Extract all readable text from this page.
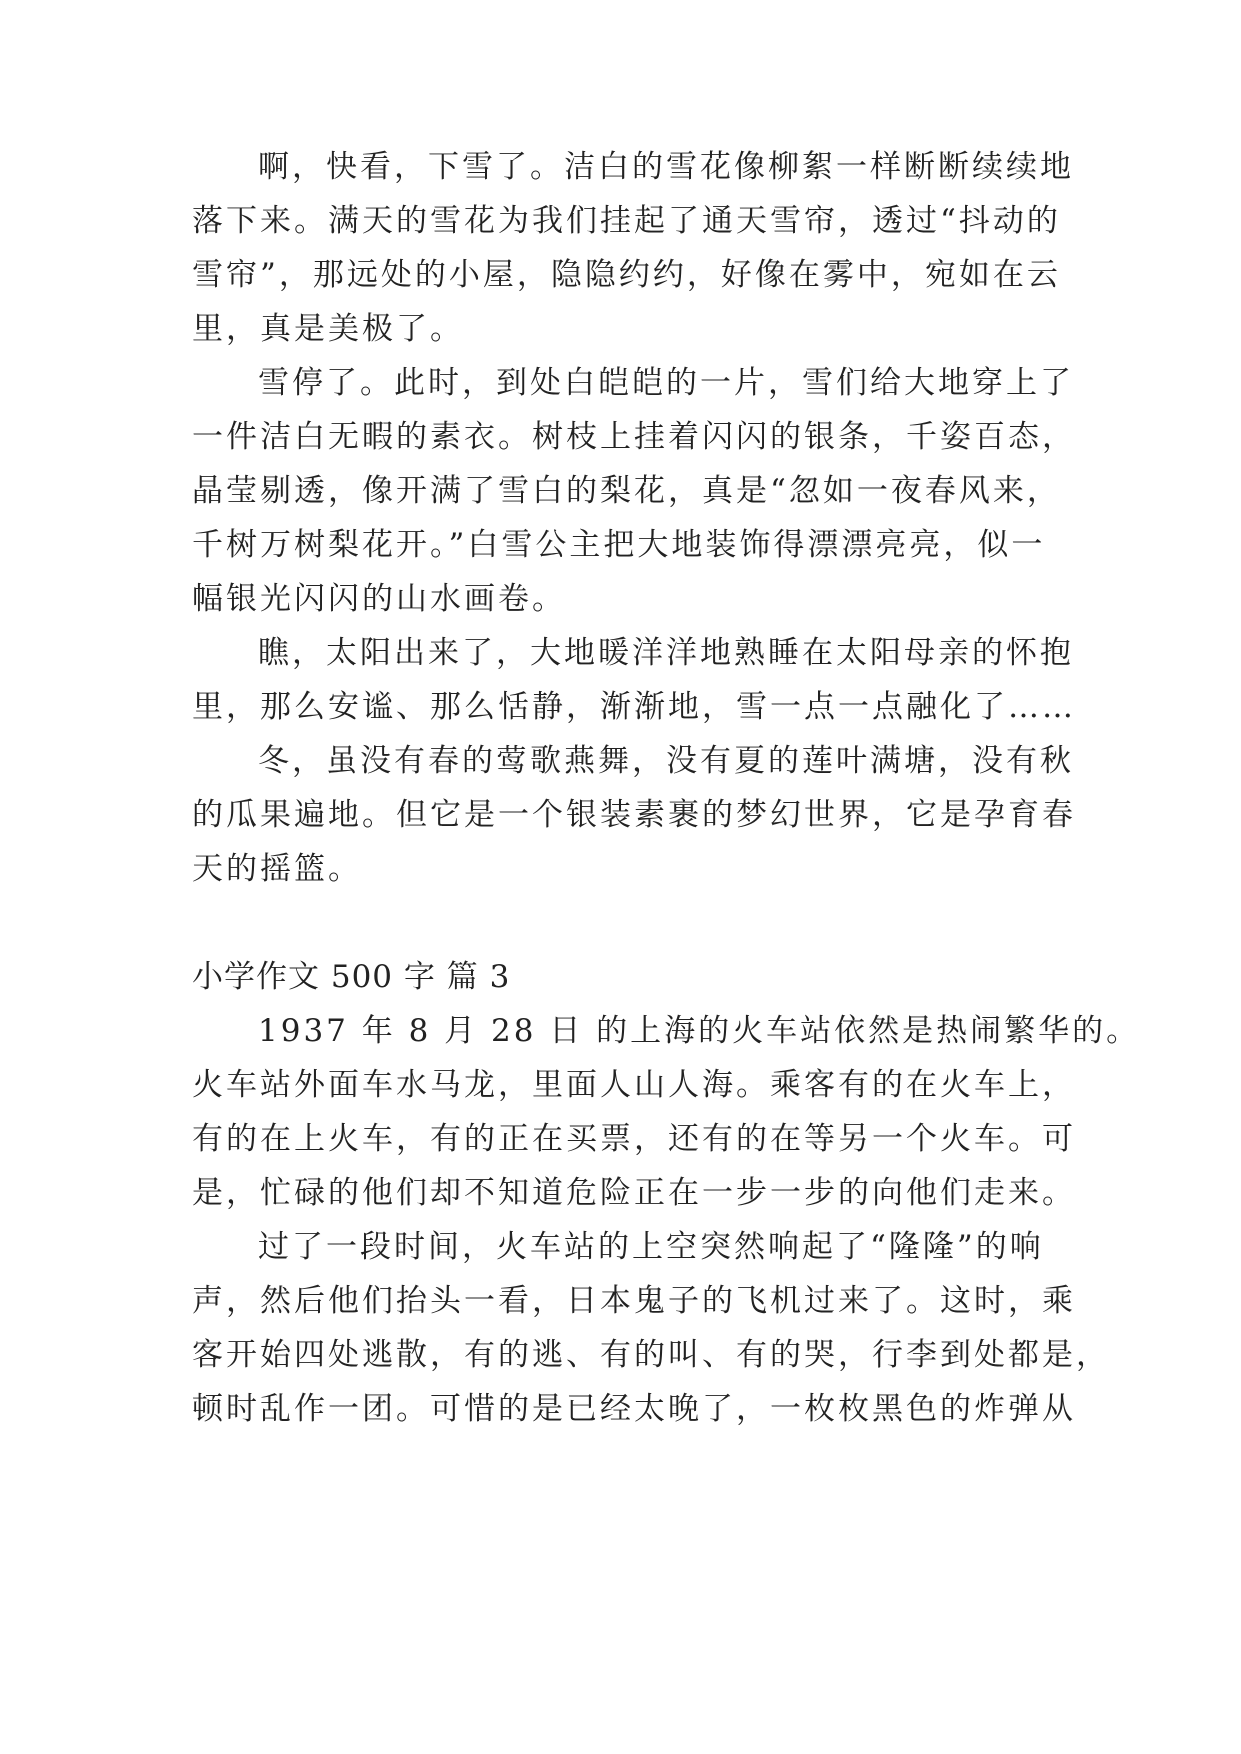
啊，快看，下雪了。洁白的雪花像柳絮一样断断续续地
落下来。满天的雪花为我们挂起了通天雪帘，透过“抖动的
雪帘”，那远处的小屋，隐隐约约，好像在雾中，宛如在云
里，真是美极了。
雪停了。此时，到处白皑皑的一片，雪们给大地穿上了
一件洁白无暇的素衣。树枝上挂着闪闪的银条，千姿百态，
晶莹剔透，像开满了雪白的梨花，真是“忽如一夜春风来，
千树万树梨花开。”白雪公主把大地装饰得漂漂亮亮，似一
幅银光闪闪的山水画卷。
瞧，太阳出来了，大地暖洋洋地熟睡在太阳母亲的怀抱
里，那么安谧、那么恬静，渐渐地，雪一点一点融化了……
冬，虽没有春的莺歌燕舞，没有夏的莲叶满塘，没有秋
的瓜果遍地。但它是一个银装素裹的梦幻世界，它是孕育春
天的摇篮。
小学作文 500 字 篇 3
1937 年 8 月 28 日 的上海的火车站依然是热闹繁华的。
火车站外面车水马龙，里面人山人海。乘客有的在火车上，
有的在上火车，有的正在买票，还有的在等另一个火车。可
是，忙碌的他们却不知道危险正在一步一步的向他们走来。
过了一段时间，火车站的上空突然响起了“隆隆”的响
声，然后他们抬头一看，日本鬼子的飞机过来了。这时，乘
客开始四处逃散，有的逃、有的叫、有的哭，行李到处都是，
顿时乱作一团。可惜的是已经太晚了，一枚枚黑色的炸弹从
